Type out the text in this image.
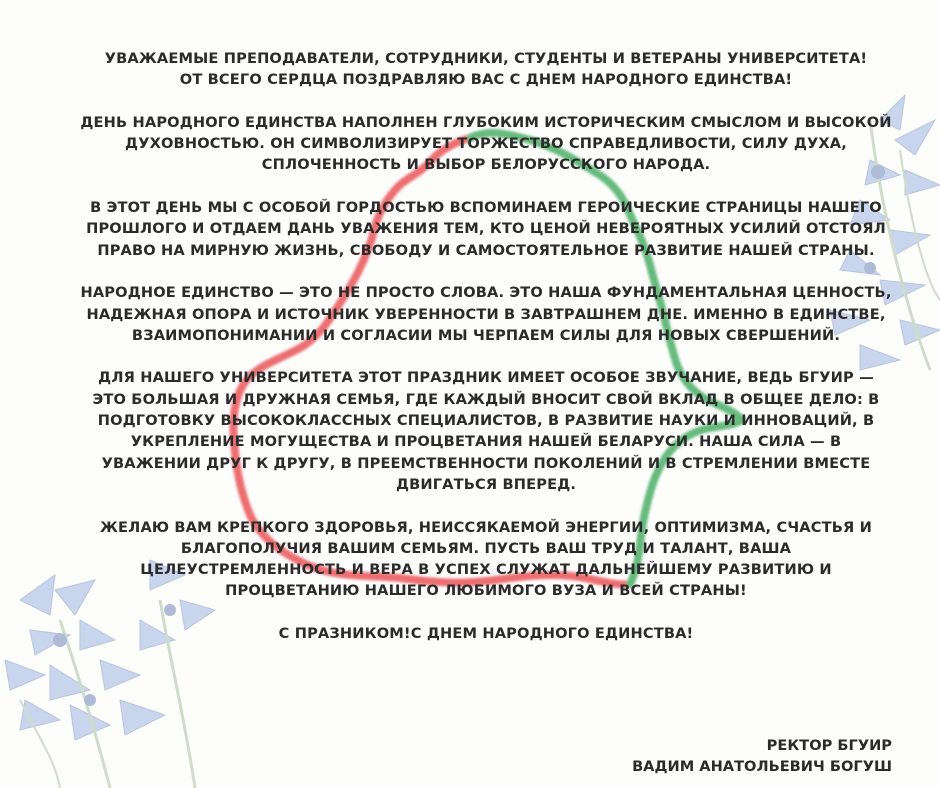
УВАЖАЕМЫЕ ПРЕПОДАВАТЕЛИ, СОТРУДНИКИ, СТУДЕНТЫ И ВЕТЕРАНЫ УНИВЕРСИТЕТА!
ОТ ВСЕГО СЕРДЦА ПОЗДРАВЛЯЮ ВАС С ДНЕМ НАРОДНОГО ЕДИНСТВА!

ДЕНЬ НАРОДНОГО ЕДИНСТВА НАПОЛНЕН ГЛУБОКИМ ИСТОРИЧЕСКИМ СМЫСЛОМ И ВЫСОКОЙ ДУХОВНОСТЬЮ. ОН СИМВОЛИЗИРУЕТ ТОРЖЕСТВО СПРАВЕДЛИВОСТИ, СИЛУ ДУХА, СПЛОЧЕННОСТЬ И ВЫБОР БЕЛОРУССКОГО НАРОДА.

В ЭТОТ ДЕНЬ МЫ С ОСОБОЙ ГОРДОСТЬЮ ВСПОМИНАЕМ ГЕРОИЧЕСКИЕ СТРАНИЦЫ НАШЕГО ПРОШЛОГО И ОТДАЕМ ДАНЬ УВАЖЕНИЯ ТЕМ, КТО ЦЕНОЙ НЕВЕРОЯТНЫХ УСИЛИЙ ОТСТОЯЛ ПРАВО НА МИРНУЮ ЖИЗНЬ, СВОБОДУ И САМОСТОЯТЕЛЬНОЕ РАЗВИТИЕ НАШЕЙ СТРАНЫ.

НАРОДНОЕ ЕДИНСТВО — ЭТО НЕ ПРОСТО СЛОВА. ЭТО НАША ФУНДАМЕНТАЛЬНАЯ ЦЕННОСТЬ, НАДЕЖНАЯ ОПОРА И ИСТОЧНИК УВЕРЕННОСТИ В ЗАВТРАШНЕМ ДНЕ. ИМЕННО В ЕДИНСТВЕ, ВЗАИМОПОНИМАНИИ И СОГЛАСИИ МЫ ЧЕРПАЕМ СИЛЫ ДЛЯ НОВЫХ СВЕРШЕНИЙ.

ДЛЯ НАШЕГО УНИВЕРСИТЕТА ЭТОТ ПРАЗДНИК ИМЕЕТ ОСОБОЕ ЗВУЧАНИЕ, ВЕДЬ БГУИР — ЭТО БОЛЬШАЯ И ДРУЖНАЯ СЕМЬЯ, ГДЕ КАЖДЫЙ ВНОСИТ СВОЙ ВКЛАД В ОБЩЕЕ ДЕЛО: В ПОДГОТОВКУ ВЫСОКОКЛАССНЫХ СПЕЦИАЛИСТОВ, В РАЗВИТИЕ НАУКИ И ИННОВАЦИЙ, В УКРЕПЛЕНИЕ МОГУЩЕСТВА И ПРОЦВЕТАНИЯ НАШЕЙ БЕЛАРУСИ. НАША СИЛА — В УВАЖЕНИИ ДРУГ К ДРУГУ, В ПРЕЕМСТВЕННОСТИ ПОКОЛЕНИЙ И В СТРЕМЛЕНИИ ВМЕСТЕ ДВИГАТЬСЯ ВПЕРЕД.

ЖЕЛАЮ ВАМ КРЕПКОГО ЗДОРОВЬЯ, НЕИССЯКАЕМОЙ ЭНЕРГИИ, ОПТИМИЗМА, СЧАСТЬЯ И БЛАГОПОЛУЧИЯ ВАШИМ СЕМЬЯМ. ПУСТЬ ВАШ ТРУД И ТАЛАНТ, ВАША ЦЕЛЕУСТРЕМЛЕННОСТЬ И ВЕРА В УСПЕХ СЛУЖАТ ДАЛЬНЕЙШЕМУ РАЗВИТИЮ И ПРОЦВЕТАНИЮ НАШЕГО ЛЮБИМОГО ВУЗА И ВСЕЙ СТРАНЫ!

С ПРАЗНИКОМ!С ДНЕМ НАРОДНОГО ЕДИНСТВА!

РЕКТОР БГУИР
ВАДИМ АНАТОЛЬЕВИЧ БОГУШ
